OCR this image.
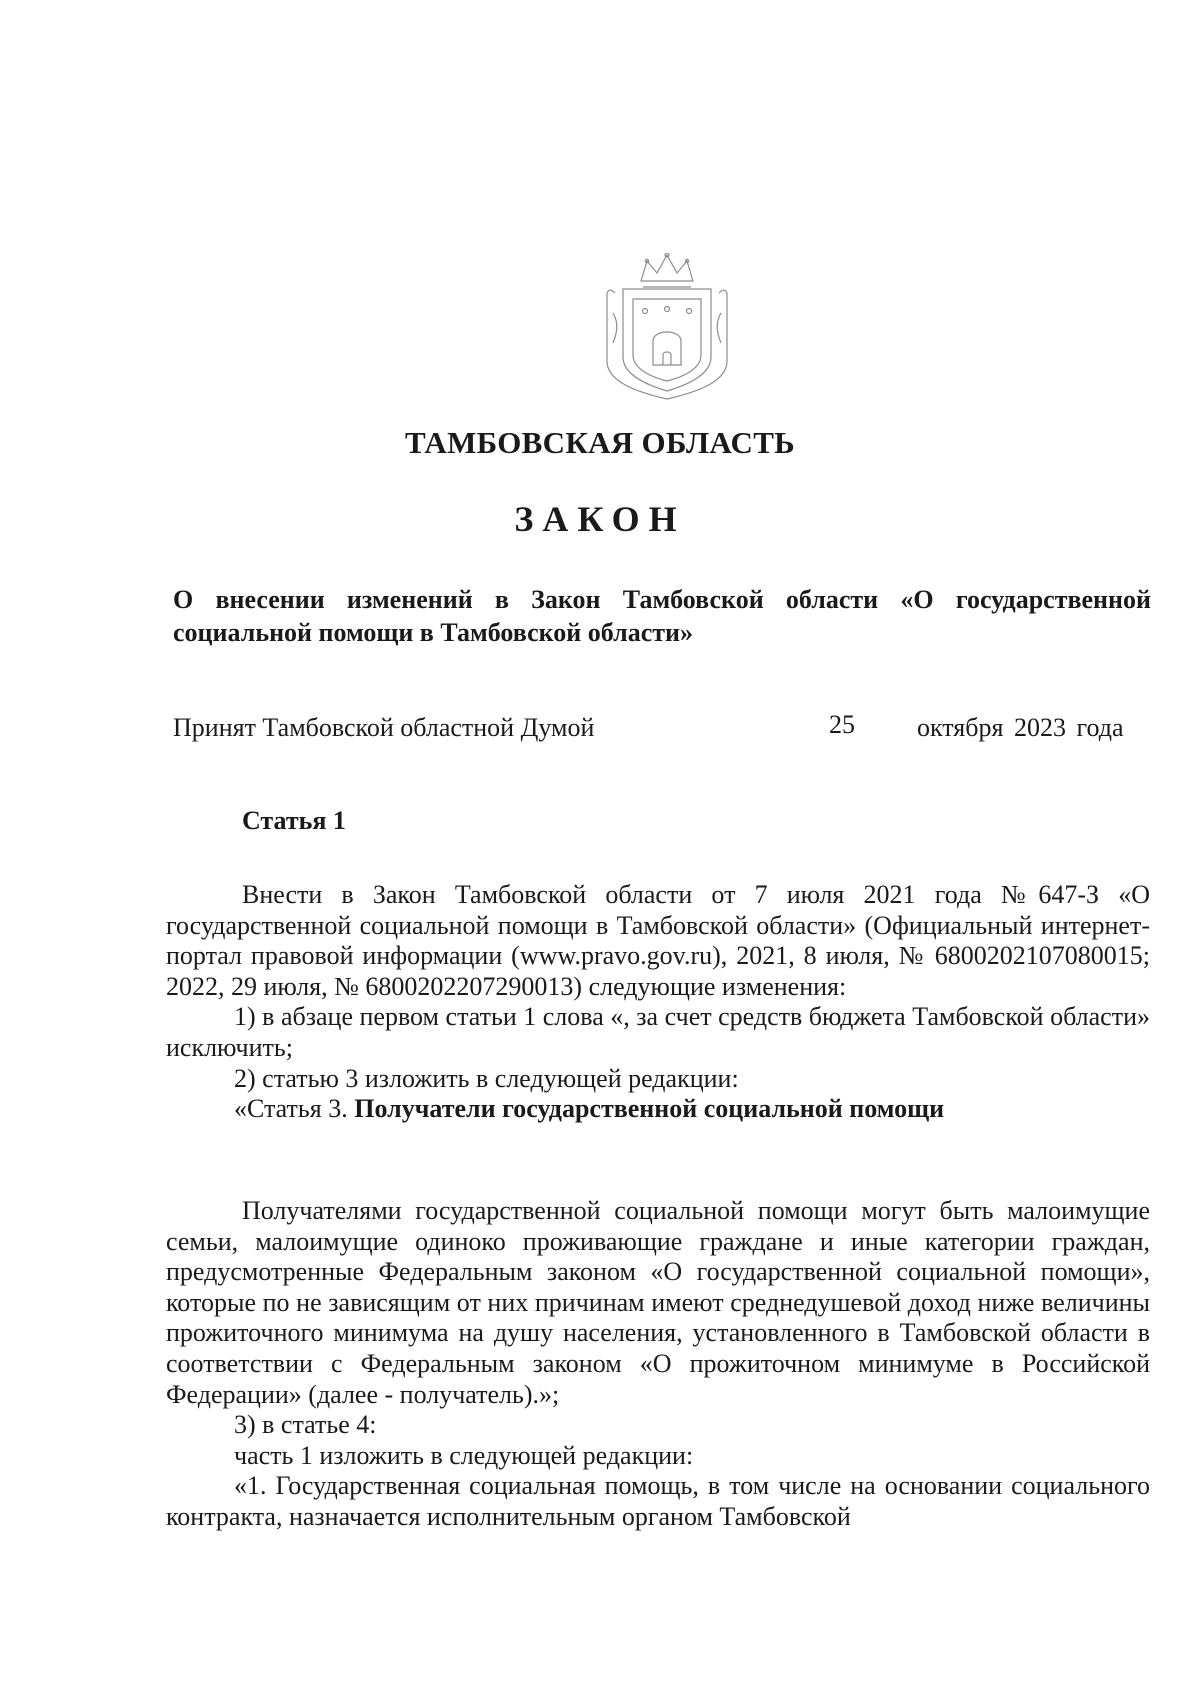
ТАМБОВСКАЯ ОБЛАСТЬ
ЗАКОН
О внесении изменений в Закон Тамбовской области «О государственной социальной помощи в Тамбовской области»
Принят Тамбовской областной Думой	25 октября 2023 года
Статья 1

Внести в Закон Тамбовской области от 7 июля 2021 года №647-З «О государственной социальной помощи в Тамбовской области» (Официальный интернет-портал правовой информации (www.pravo.gov.ru), 2021, 8 июля, № 6800202107080015; 2022, 29 июля, № 6800202207290013) следующие изменения:

1) в абзаце первом статьи 1 слова «, за счет средств бюджета Тамбовской области» исключить;

2) статью 3 изложить в следующей редакции:

«Статья 3. Получатели государственной социальной помощи

Получателями государственной социальной помощи могут быть малоимущие семьи, малоимущие одиноко проживающие граждане и иные категории граждан, предусмотренные Федеральным законом «О государственной социальной помощи», которые по не зависящим от них причинам имеют среднедушевой доход ниже величины прожиточного минимума на душу населения, установленного в Тамбовской области в соответствии с Федеральным законом «О прожиточном минимуме в Российской Федерации» (далее - получатель).»;

3) в статье 4:

часть 1 изложить в следующей редакции:

«1. Государственная социальная помощь, в том числе на основании социального контракта, назначается исполнительным органом Тамбовской
